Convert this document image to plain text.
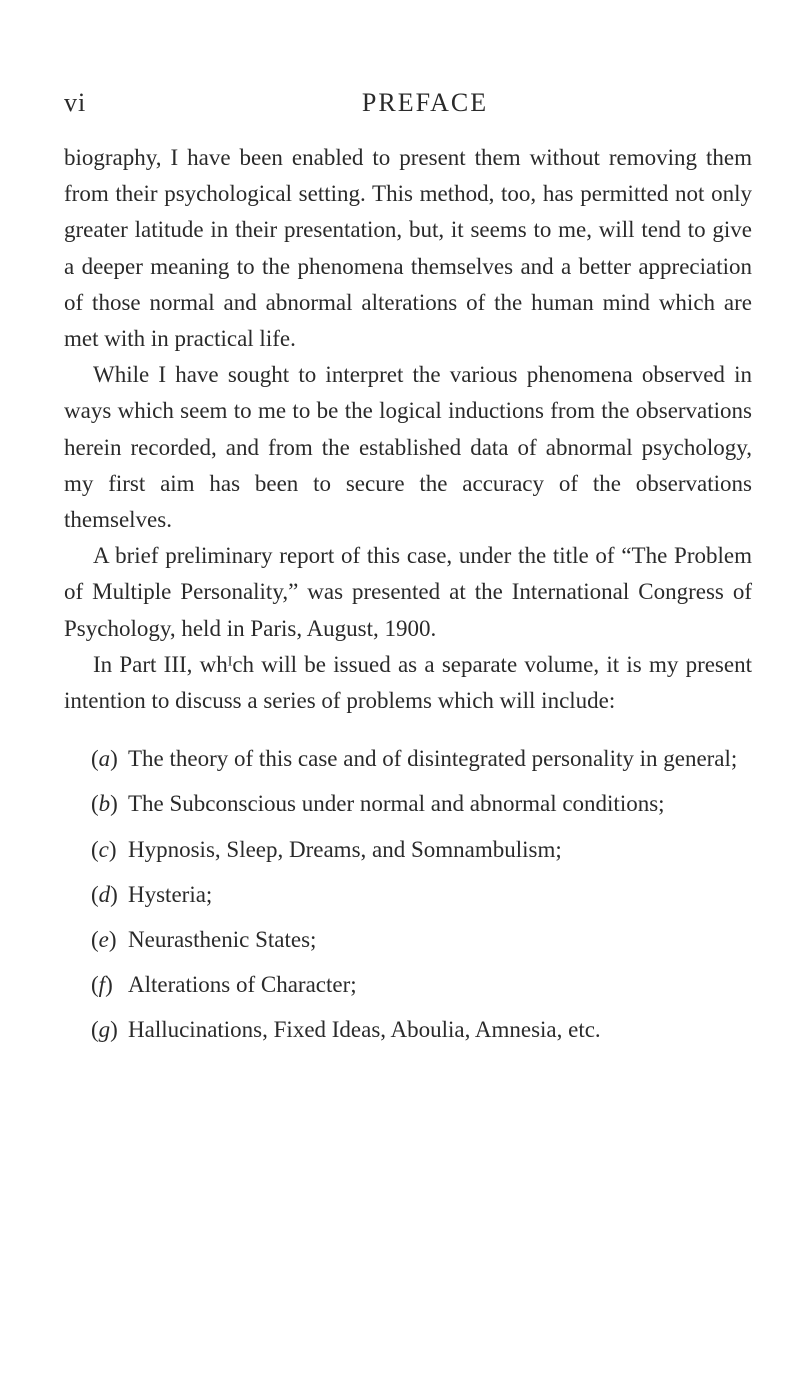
vi	PREFACE

biography, I have been enabled to present them without removing them from their psychological setting. This method, too, has permitted not only greater latitude in their presentation, but, it seems to me, will tend to give a deeper meaning to the phenomena themselves and a better appreciation of those normal and abnormal alterations of the human mind which are met with in practical life.

While I have sought to interpret the various phenomena observed in ways which seem to me to be the logical inductions from the observations herein recorded, and from the established data of abnormal psychology, my first aim has been to secure the accuracy of the observations themselves.

A brief preliminary report of this case, under the title of “The Problem of Multiple Personality,” was presented at the International Congress of Psychology, held in Paris, August, 1900.

In Part III, whᴵch will be issued as a separate volume, it is my present intention to discuss a series of problems which will include:

(a) The theory of this case and of disintegrated personality in general;
(b) The Subconscious under normal and abnormal conditions;
(c) Hypnosis, Sleep, Dreams, and Somnambulism;
(d) Hysteria;
(e) Neurasthenic States;
(f) Alterations of Character;
(g) Hallucinations, Fixed Ideas, Aboulia, Amnesia, etc.
